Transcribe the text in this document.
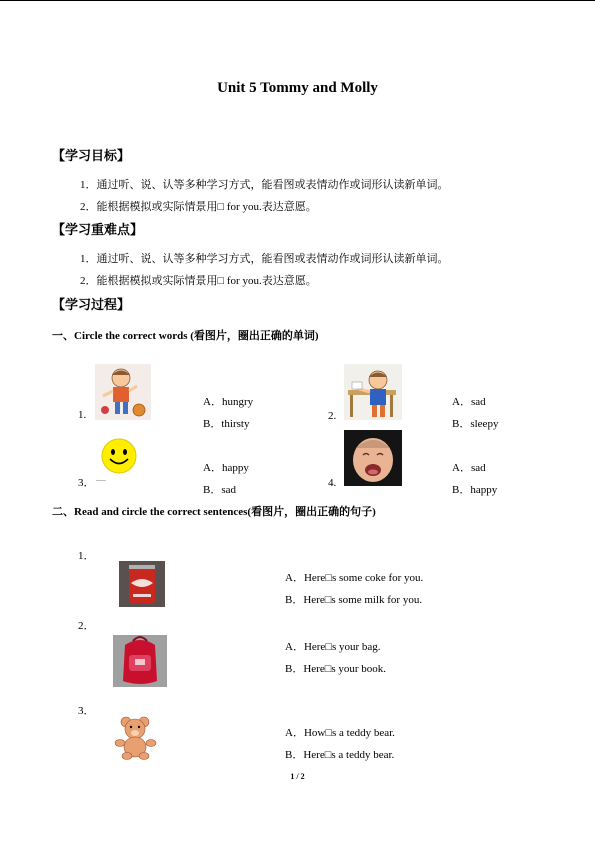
Unit 5 Tommy and Molly
【学习目标】
1．通过听、说、认等多种学习方式，能看图或表情动作或词形认读新单词。
2．能根据模拟或实际情景用□ for you.表达意愿。
【学习重难点】
1．通过听、说、认等多种学习方式，能看图或表情动作或词形认读新单词。
2．能根据模拟或实际情景用□ for you.表达意愿。
【学习过程】
一、Circle the correct words (看图片，圈出正确的单词)
1.
A．hungry
B．thirsty
2.
A．sad
B．sleepy
3．
A．happy
B．sad
4.
A．sad
B．happy
二、Read and circle the correct sentences(看图片，圈出正确的句子)
1．
A．Here□s some coke for you.
B．Here□s some milk for you.
2．
A．Here□s your bag.
B．Here□s your book.
3．
A．How□s a teddy bear.
B．Here□s a teddy bear.
1 / 2
